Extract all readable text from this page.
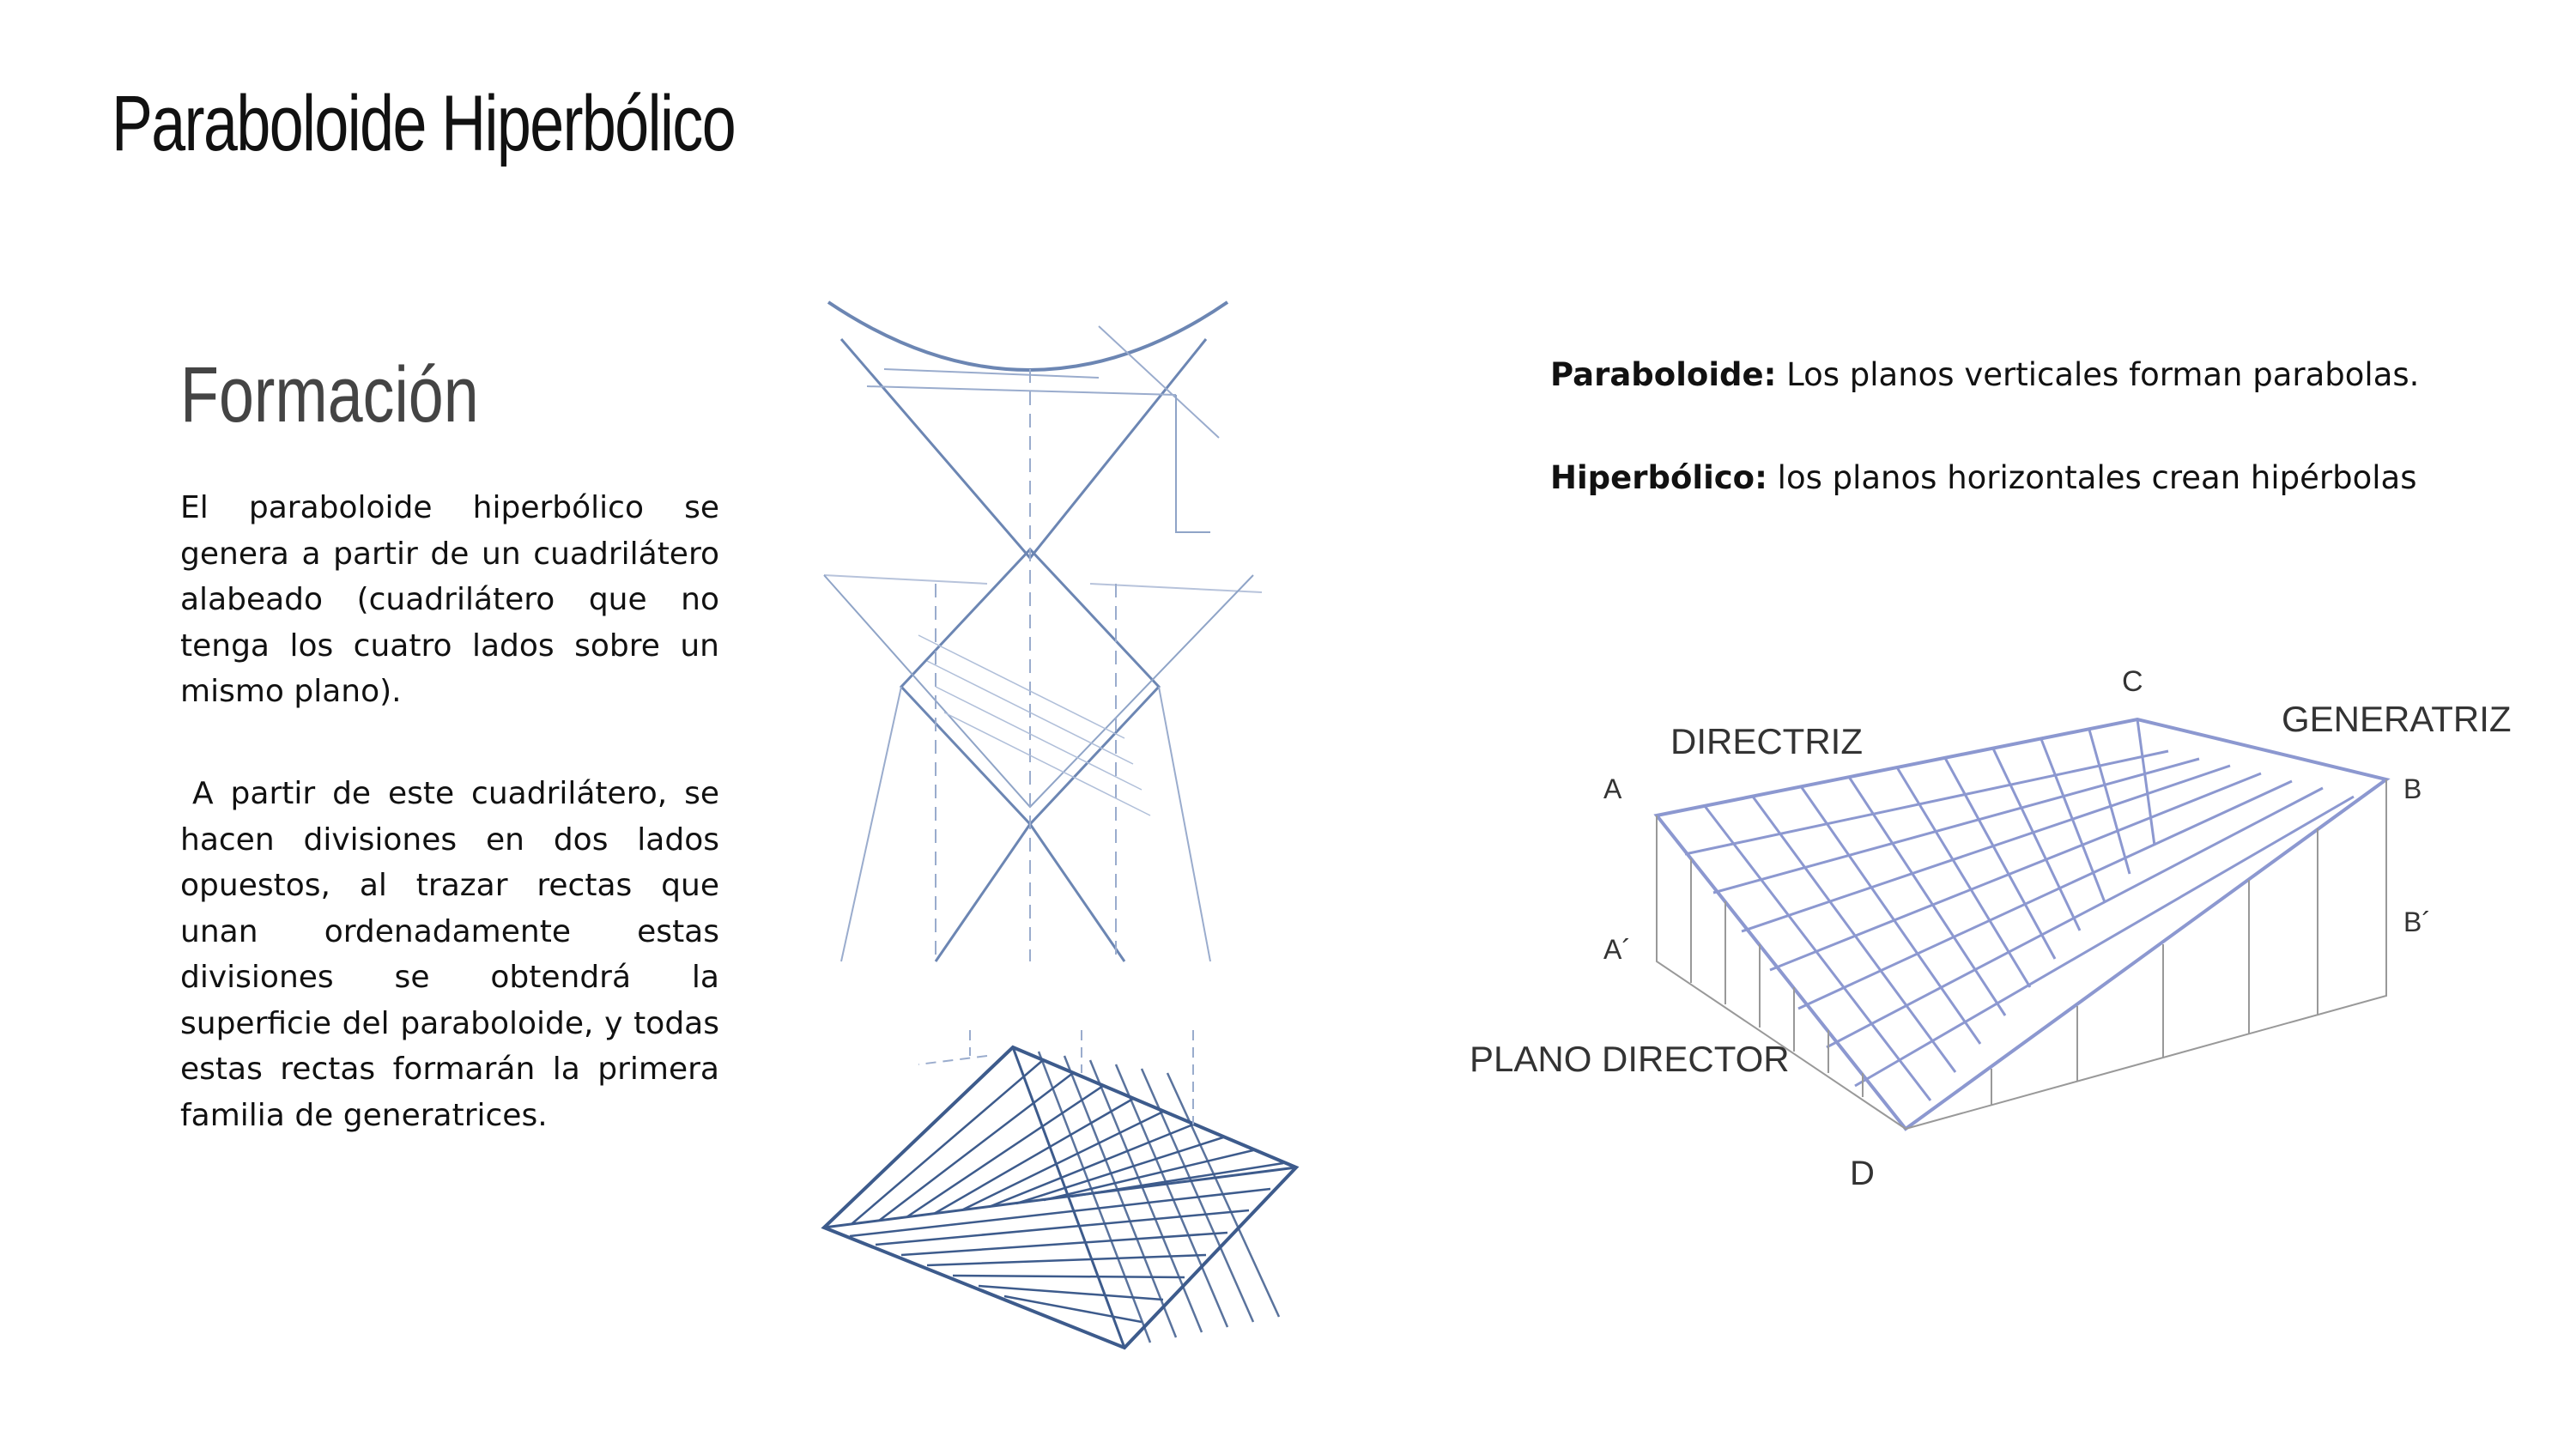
Paraboloide Hiperbólico
Formación
El paraboloide hiperbólico se genera a partir de un cuadrilátero alabeado (cuadrilátero que no tenga los cuatro lados sobre un mismo plano).
A partir de este cuadrilátero, se hacen divisiones en dos lados opuestos, al trazar rectas que unan ordenadamente estas divisiones se obtendrá la superficie del paraboloide, y todas estas rectas formarán la primera familia de generatrices.
Paraboloide: Los planos verticales forman parabolas.
Hiperbólico: los planos horizontales crean hipérbolas
A
A´
B
B´
C
D
DIRECTRIZ
GENERATRIZ
PLANO DIRECTOR
